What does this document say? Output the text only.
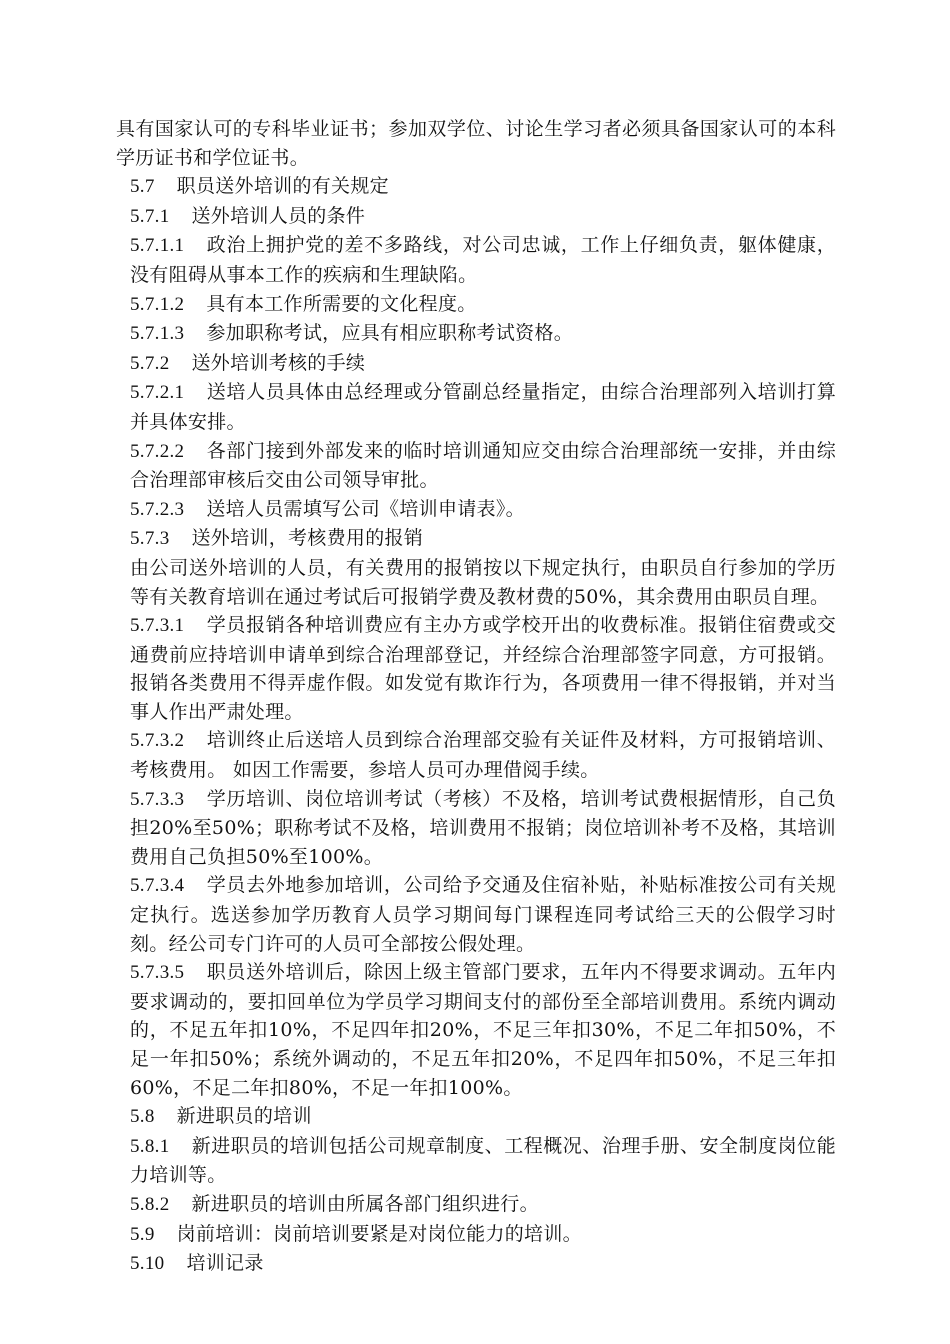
具有国家认可的专科毕业证书；参加双学位、讨论生学习者必须具备国家认可的本科学历证书和学位证书。

5.7 职员送外培训的有关规定

5.7.1 送外培训人员的条件

5.7.1.1 政治上拥护党的差不多路线，对公司忠诚，工作上仔细负责，躯体健康，没有阻碍从事本工作的疾病和生理缺陷。

5.7.1.2 具有本工作所需要的文化程度。

5.7.1.3 参加职称考试，应具有相应职称考试资格。

5.7.2 送外培训考核的手续

5.7.2.1 送培人员具体由总经理或分管副总经量指定，由综合治理部列入培训打算并具体安排。

5.7.2.2 各部门接到外部发来的临时培训通知应交由综合治理部统一安排，并由综合治理部审核后交由公司领导审批。

5.7.2.3 送培人员需填写公司《培训申请表》。

5.7.3 送外培训，考核费用的报销

由公司送外培训的人员，有关费用的报销按以下规定执行，由职员自行参加的学历等有关教育培训在通过考试后可报销学费及教材费的50%，其余费用由职员自理。

5.7.3.1 学员报销各种培训费应有主办方或学校开出的收费标准。报销住宿费或交通费前应持培训申请单到综合治理部登记，并经综合治理部签字同意，方可报销。报销各类费用不得弄虚作假。如发觉有欺诈行为，各项费用一律不得报销，并对当事人作出严肃处理。

5.7.3.2 培训终止后送培人员到综合治理部交验有关证件及材料，方可报销培训、考核费用。 如因工作需要，参培人员可办理借阅手续。

5.7.3.3 学历培训、岗位培训考试（考核）不及格，培训考试费根据情形，自己负担20%至50%；职称考试不及格，培训费用不报销；岗位培训补考不及格，其培训费用自己负担50%至100%。

5.7.3.4 学员去外地参加培训，公司给予交通及住宿补贴，补贴标准按公司有关规定执行。选送参加学历教育人员学习期间每门课程连同考试给三天的公假学习时刻。经公司专门许可的人员可全部按公假处理。

5.7.3.5 职员送外培训后，除因上级主管部门要求，五年内不得要求调动。五年内要求调动的，要扣回单位为学员学习期间支付的部份至全部培训费用。系统内调动的，不足五年扣10%，不足四年扣20%，不足三年扣30%，不足二年扣50%，不足一年扣50%；系统外调动的，不足五年扣20%，不足四年扣50%，不足三年扣60%，不足二年扣80%，不足一年扣100%。

5.8 新进职员的培训

5.8.1 新进职员的培训包括公司规章制度、工程概况、治理手册、安全制度岗位能力培训等。

5.8.2 新进职员的培训由所属各部门组织进行。

5.9 岗前培训：岗前培训要紧是对岗位能力的培训。

5.10 培训记录
